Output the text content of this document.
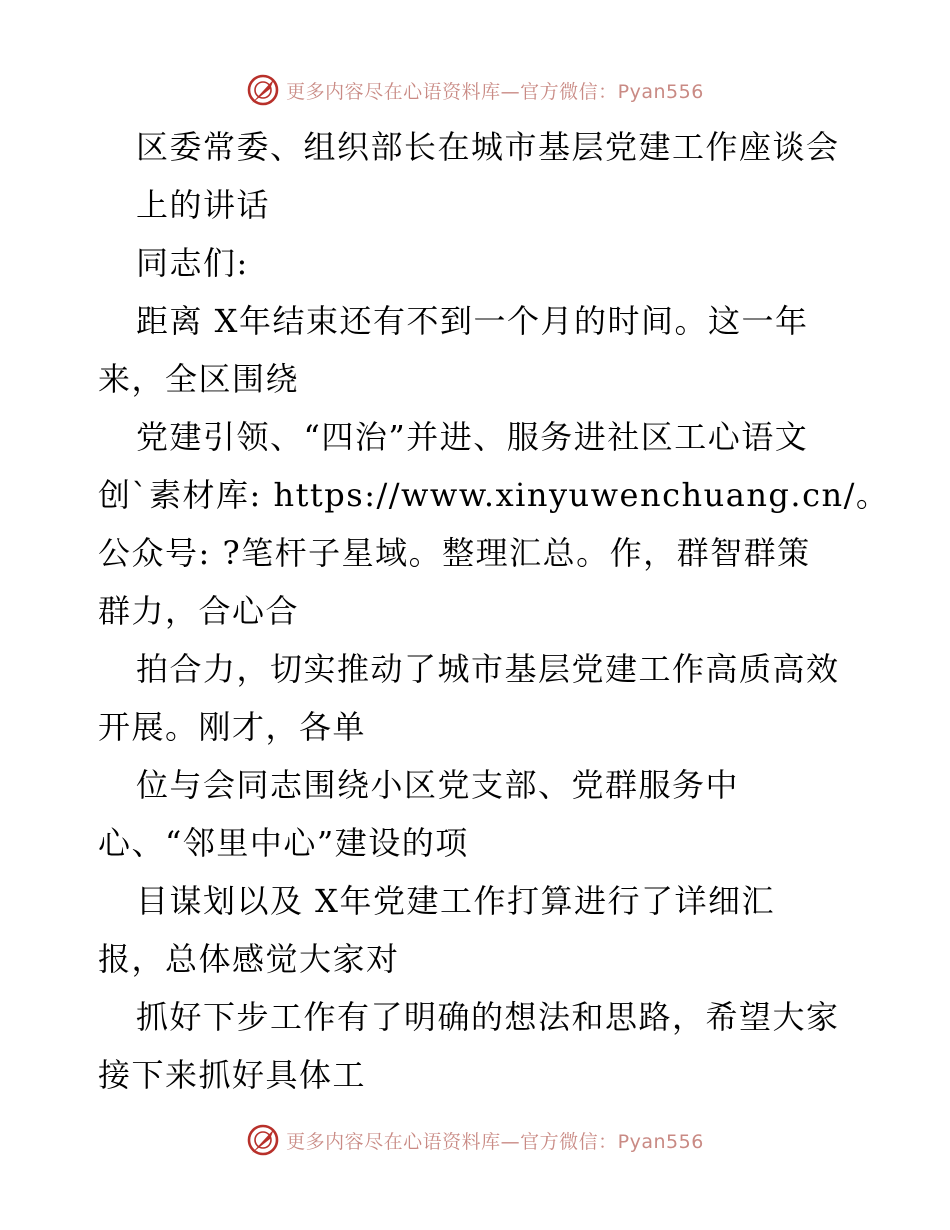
更多内容尽在心语资料库—官方微信：Pyan556
区委常委、组织部长在城市基层党建工作座谈会
上的讲话
同志们:
距离 X年结束还有不到一个月的时间。这一年
来，全区围绕
党建引领、“四治”并进、服务进社区工心语文
创`素材库: https://www.xinyuwenchuang.cn/。
公众号: ?笔杆子星域。整理汇总。作，群智群策
群力，合心合
拍合力，切实推动了城市基层党建工作高质高效
开展。刚才，各单
位与会同志围绕小区党支部、党群服务中
心、“邻里中心”建设的项
目谋划以及 X年党建工作打算进行了详细汇
报，总体感觉大家对
抓好下步工作有了明确的想法和思路，希望大家
接下来抓好具体工
更多内容尽在心语资料库—官方微信：Pyan556
